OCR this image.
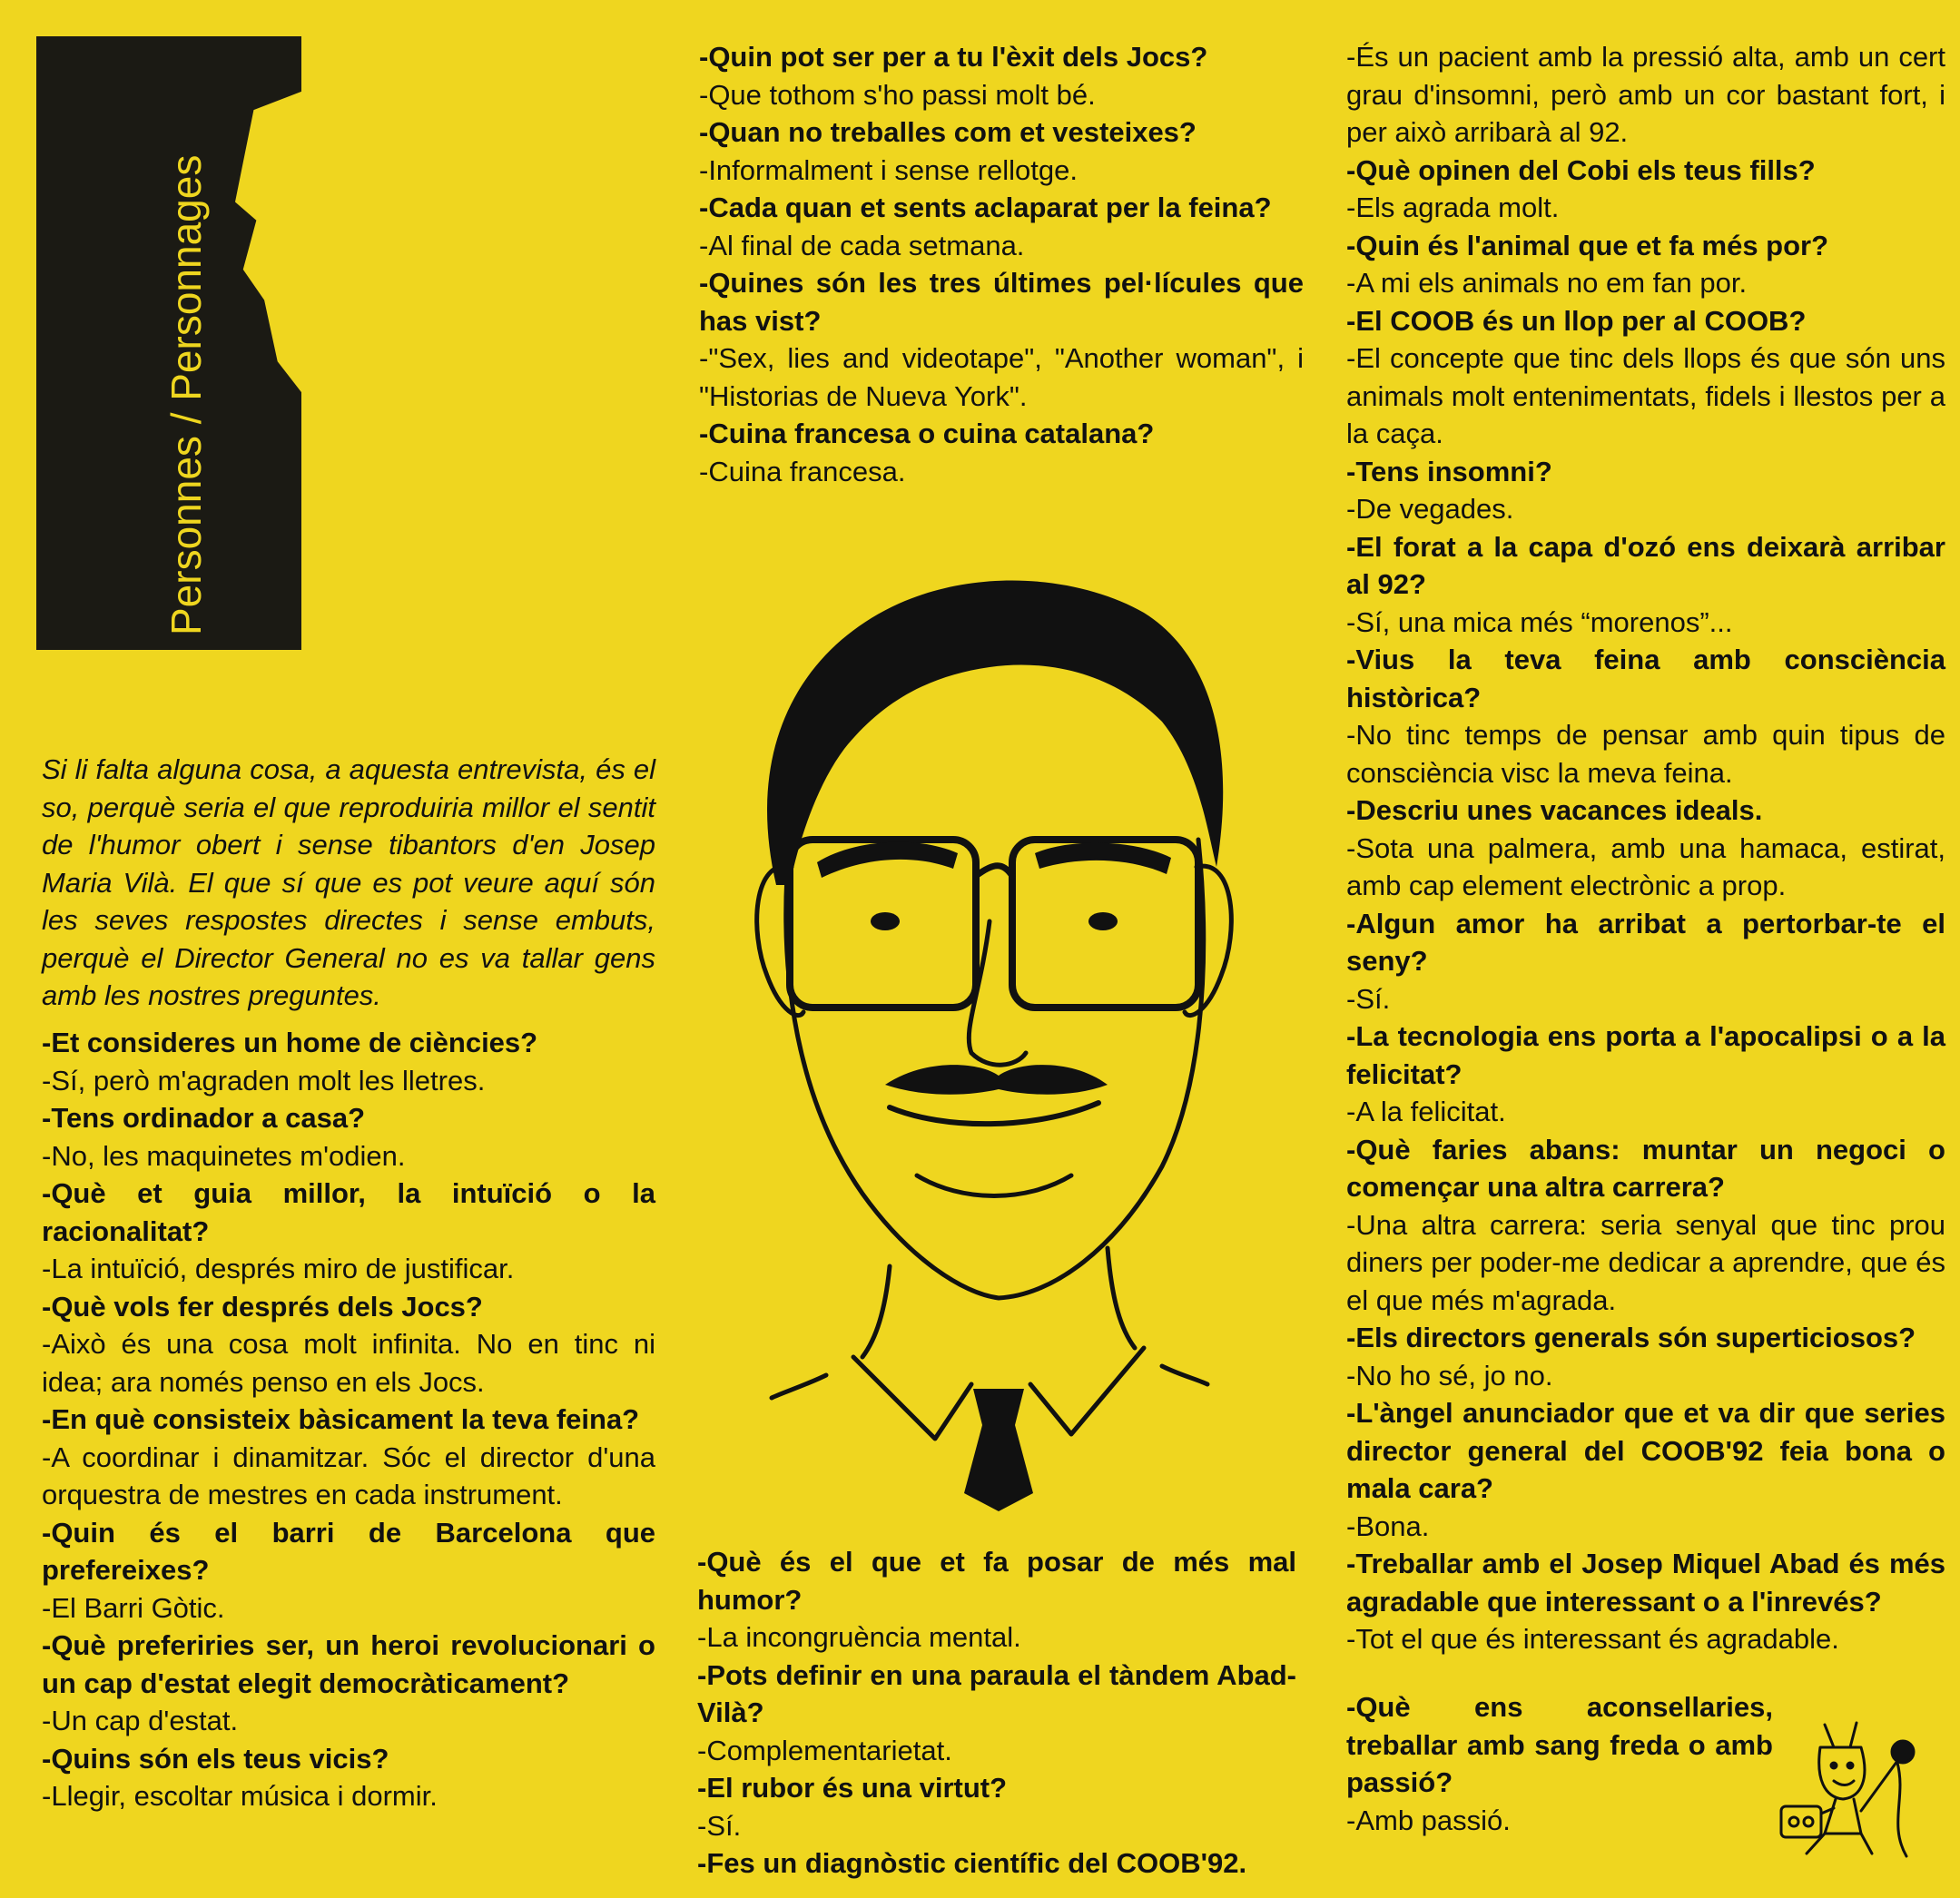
Personnes / Personnages

Si li falta alguna cosa, a aquesta entrevista, és el so, perquè seria el que reproduiria millor el sentit de l'humor obert i sense tibantors d'en Josep Maria Vilà. El que sí que es pot veure aquí són les seves respostes directes i sense embuts, perquè el Director General no es va tallar gens amb les nostres preguntes.

-Et consideres un home de ciències?

-Sí, però m'agraden molt les lletres.

-Tens ordinador a casa?

-No, les maquinetes m'odien.

-Què et guia millor, la intuïció o la racionalitat?

-La intuïció, després miro de justificar.

-Què vols fer després dels Jocs?

-Això és una cosa molt infinita. No en tinc ni idea; ara només penso en els Jocs.

-En què consisteix bàsicament la teva feina?

-A coordinar i dinamitzar. Sóc el director d'una orquestra de mestres en cada instrument.

-Quin és el barri de Barcelona que prefereixes?

-El Barri Gòtic.

-Què preferiries ser, un heroi revolucionari o un cap d'estat elegit democràticament?

-Un cap d'estat.

-Quins són els teus vicis?

-Llegir, escoltar música i dormir.

-Quin pot ser per a tu l'èxit dels Jocs?

-Que tothom s'ho passi molt bé.

-Quan no treballes com et vesteixes?

-Informalment i sense rellotge.

-Cada quan et sents aclaparat per la feina?

-Al final de cada setmana.

-Quines són les tres últimes pel·lícules que has vist?

-"Sex, lies and videotape", "Another woman", i "Historias de Nueva York".

-Cuina francesa o cuina catalana?

-Cuina francesa.

-Què és el que et fa posar de més mal humor?

-La incongruència mental.

-Pots definir en una paraula el tàndem Abad-Vilà?

-Complementarietat.

-El rubor és una virtut?

-Sí.

-Fes un diagnòstic científic del COOB'92.

-És un pacient amb la pressió alta, amb un cert grau d'insomni, però amb un cor bastant fort, i per això arribarà al 92.

-Què opinen del Cobi els teus fills?

-Els agrada molt.

-Quin és l'animal que et fa més por?

-A mi els animals no em fan por.

-El COOB és un llop per al COOB?

-El concepte que tinc dels llops és que són uns animals molt entenimentats, fidels i llestos per a la caça.

-Tens insomni?

-De vegades.

-El forat a la capa d'ozó ens deixarà arribar al 92?

-Sí, una mica més “morenos”...

-Vius la teva feina amb consciència històrica?

-No tinc temps de pensar amb quin tipus de consciència visc la meva feina.

-Descriu unes vacances ideals.

-Sota una palmera, amb una hamaca, estirat, amb cap element electrònic a prop.

-Algun amor ha arribat a pertorbar-te el seny?

-Sí.

-La tecnologia ens porta a l'apocalipsi o a la felicitat?

-A la felicitat.

-Què faries abans: muntar un negoci o començar una altra carrera?

-Una altra carrera: seria senyal que tinc prou diners per poder-me dedicar a aprendre, que és el que més m'agrada.

-Els directors generals són superticiosos?

-No ho sé, jo no.

-L'àngel anunciador que et va dir que series director general del COOB'92 feia bona o mala cara?

-Bona.

-Treballar amb el Josep Miquel Abad és més agradable que interessant o a l'inrevés?

-Tot el que és interessant és agradable.

-Què ens aconsellaries, treballar amb sang freda o amb passió?

-Amb passió.
